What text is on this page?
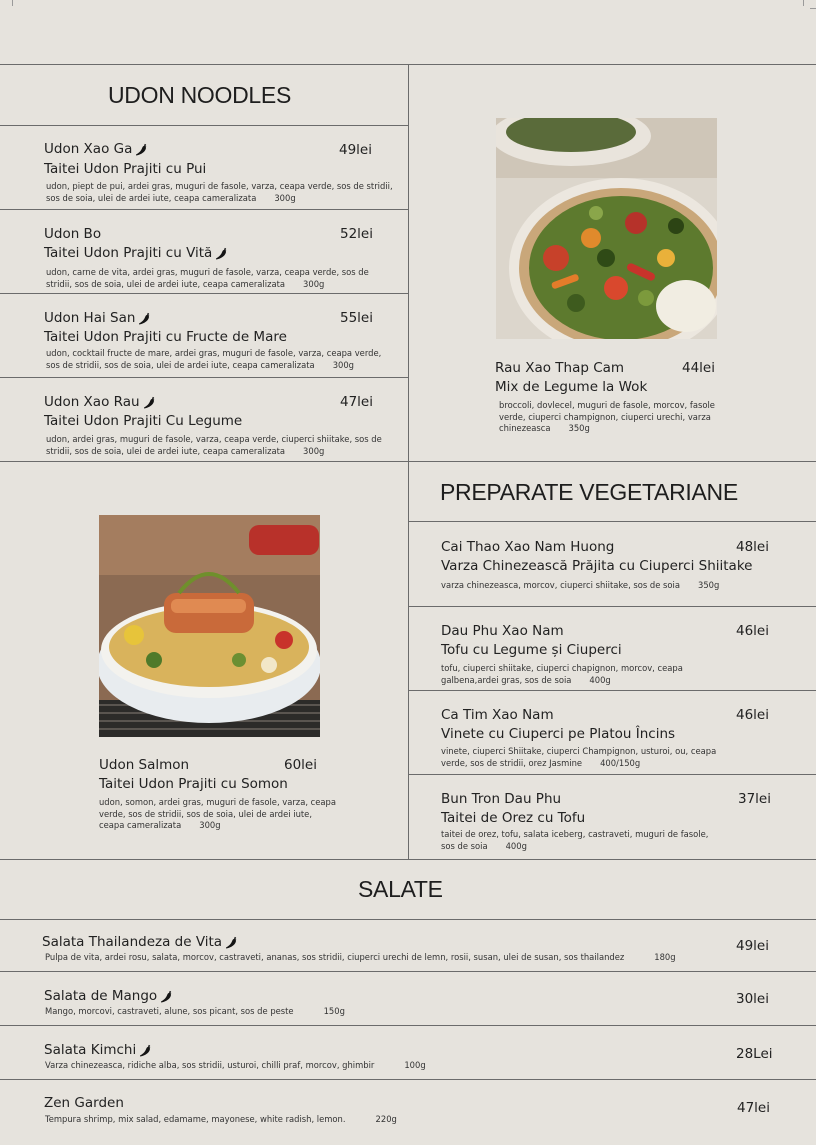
UDON NOODLES
Udon Xao Ga	49lei
Taitei Udon Prajiti cu Pui
udon, piept de pui, ardei gras, muguri de fasole, varza, ceapa verde, sos de stridii, sos de soia, ulei de ardei iute, ceapa cameralizata 300g
Udon Bo	52lei
Taitei Udon Prajiti cu Vită
udon, carne de vita, ardei gras, muguri de fasole, varza, ceapa verde, sos de stridii, sos de soia, ulei de ardei iute, ceapa cameralizata 300g
Udon Hai San	55lei
Taitei Udon Prajiti cu Fructe de Mare
udon, cocktail fructe de mare, ardei gras, muguri de fasole, varza, ceapa verde, sos de stridii, sos de soia, ulei de ardei iute, ceapa cameralizata 300g
Udon Xao Rau	47lei
Taitei Udon Prajiti Cu Legume
udon, ardei gras, muguri de fasole, varza, ceapa verde, ciuperci shiitake, sos de stridii, sos de soia, ulei de ardei iute, ceapa cameralizata 300g
Rau Xao Thap Cam	44lei
Mix de Legume la Wok
broccoli, dovlecel, muguri de fasole, morcov, fasole verde, ciuperci champignon, ciuperci urechi, varza chinezeasca 350g
Udon Salmon	60lei
Taitei Udon Prajiti cu Somon
udon, somon, ardei gras, muguri de fasole, varza, ceapa verde, sos de stridii, sos de soia, ulei de ardei iute, ceapa cameralizata 300g
PREPARATE VEGETARIANE
Cai Thao Xao Nam Huong	48lei
Varza Chinezească Prăjita cu Ciuperci Shiitake
varza chinezeasca, morcov, ciuperci shiitake, sos de soia 350g
Dau Phu Xao Nam	46lei
Tofu cu Legume și Ciuperci
tofu, ciuperci shiitake, ciuperci chapignon, morcov, ceapa galbena,ardei gras, sos de soia 400g
Ca Tim Xao Nam	46lei
Vinete cu Ciuperci pe Platou Încins
vinete, ciuperci Shiitake, ciuperci Champignon, usturoi, ou, ceapa verde, sos de stridii, orez Jasmine 400/150g
Bun Tron Dau Phu	37lei
Taitei de Orez cu Tofu
taitei de orez, tofu, salata iceberg, castraveti, muguri de fasole, sos de soia 400g
SALATE
Salata Thailandeza de Vita	49lei
Pulpa de vita, ardei rosu, salata, morcov, castraveti, ananas, sos stridii, ciuperci urechi de lemn, rosii, susan, ulei de susan, sos thailandez	180g
Salata de Mango	30lei
Mango, morcovi, castraveti, alune, sos picant, sos de peste	150g
Salata Kimchi	28Lei
Varza chinezeasca, ridiche alba, sos stridii, usturoi, chilli praf, morcov, ghimbir	100g
Zen Garden	47lei
Tempura shrimp, mix salad, edamame, mayonese, white radish, lemon.	220g
